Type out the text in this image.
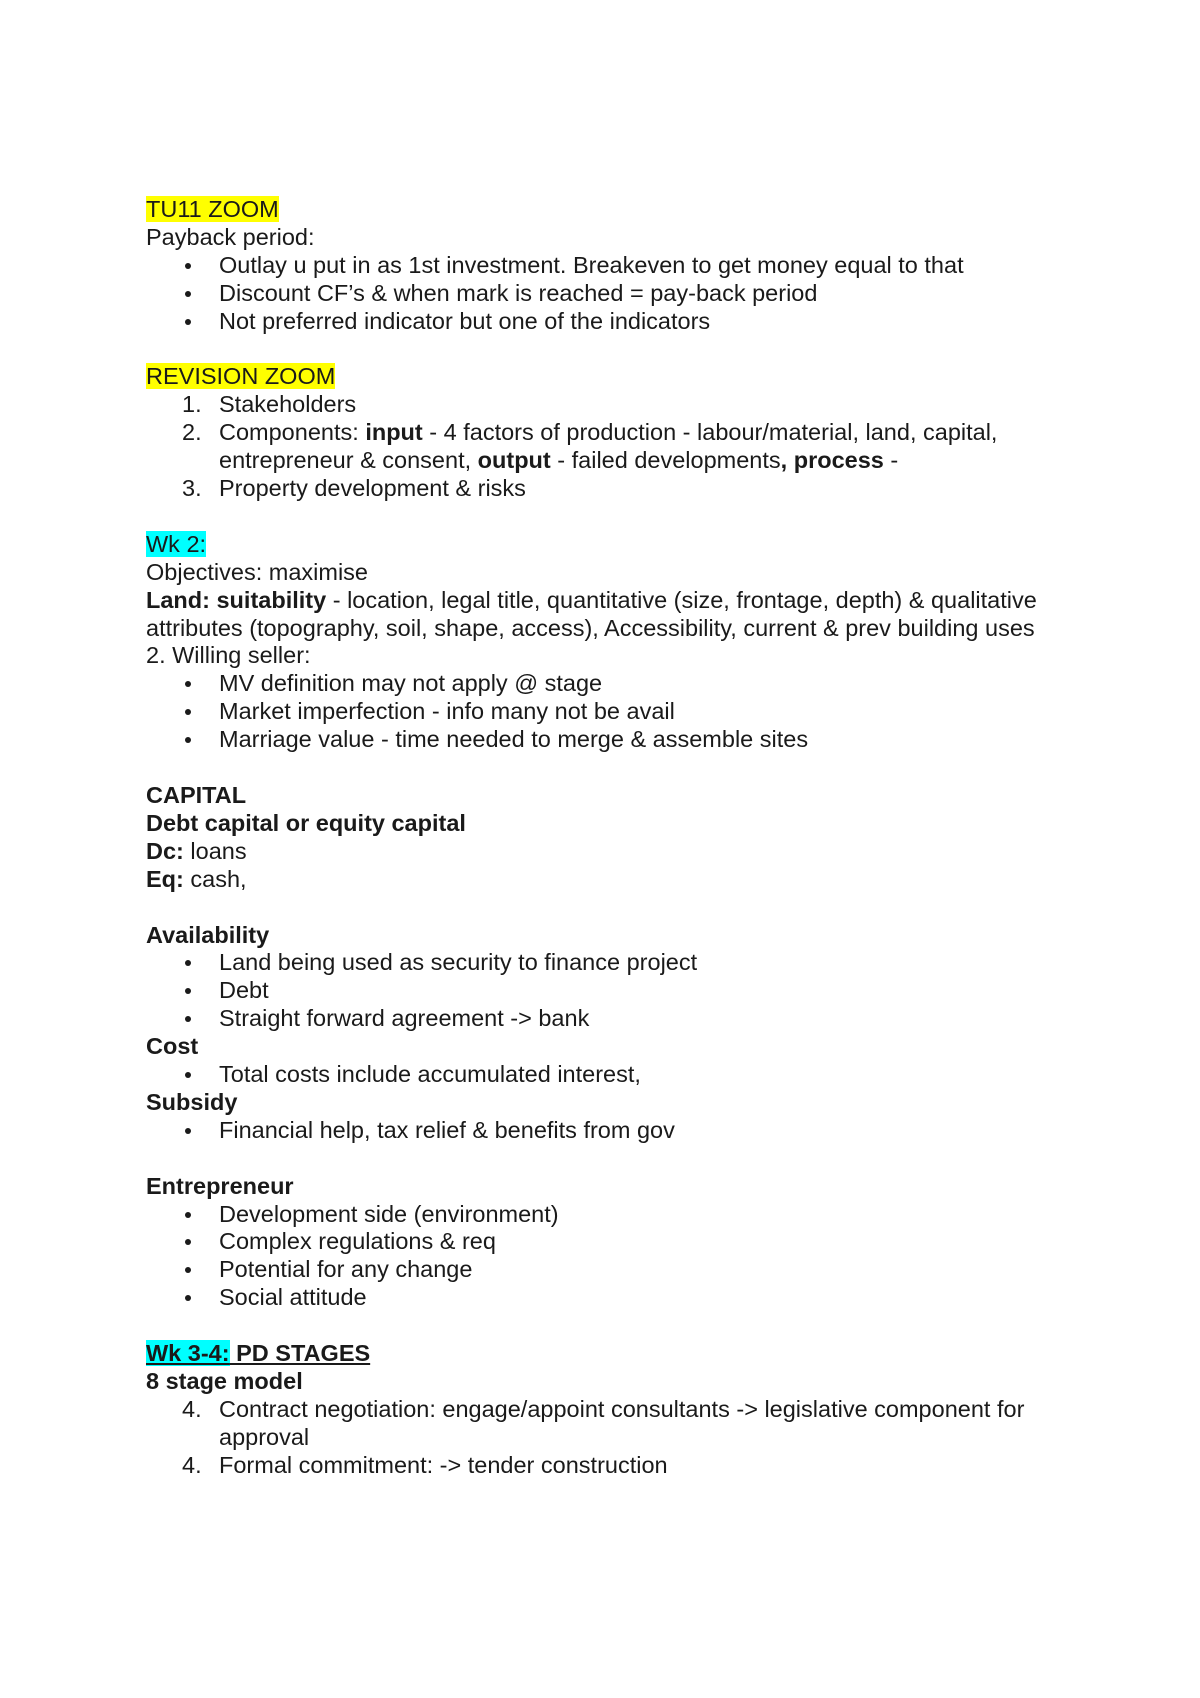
TU11 ZOOM

Payback period:

Outlay u put in as 1st investment. Breakeven to get money equal to that
Discount CF’s & when mark is reached = pay-back period
Not preferred indicator but one of the indicators

REVISION ZOOM

1. Stakeholders
2. Components: input - 4 factors of production - labour/material, land, capital, entrepreneur & consent, output - failed developments, process -
3. Property development & risks

Wk 2:

Objectives: maximise

Land: suitability - location, legal title, quantitative (size, frontage, depth) & qualitative attributes (topography, soil, shape, access), Accessibility, current & prev building uses

2. Willing seller:

MV definition may not apply @ stage
Market imperfection - info many not be avail
Marriage value - time needed to merge & assemble sites

CAPITAL

Debt capital or equity capital

Dc: loans

Eq: cash,

Availability

Land being used as security to finance project
Debt
Straight forward agreement -> bank

Cost

Total costs include accumulated interest,

Subsidy

Financial help, tax relief & benefits from gov

Entrepreneur

Development side (environment)
Complex regulations & req
Potential for any change
Social attitude

Wk 3-4: PD STAGES

8 stage model

4. Contract negotiation: engage/appoint consultants -> legislative component for approval
4. Formal commitment: -> tender construction
